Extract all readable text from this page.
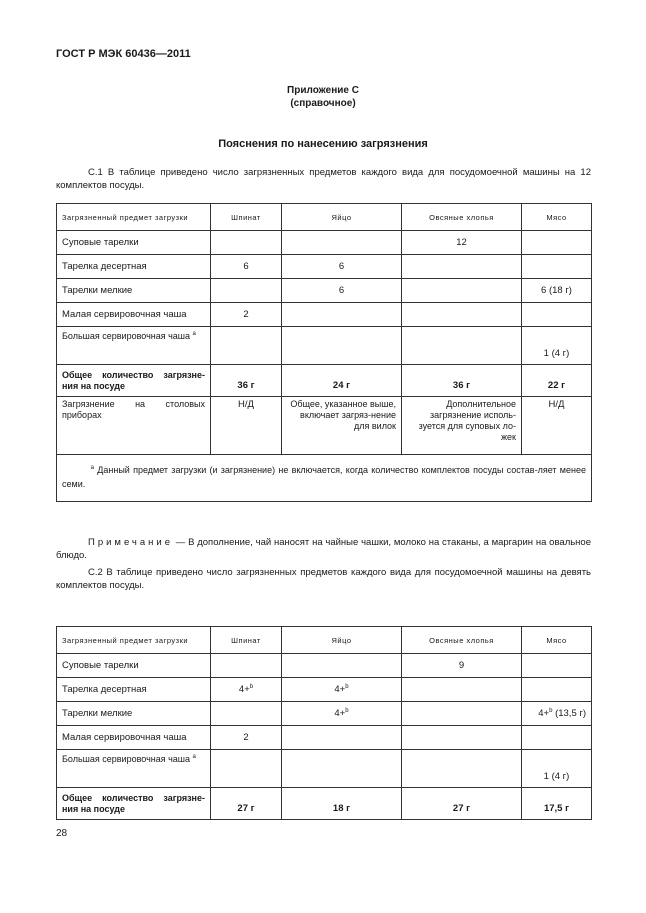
ГОСТ Р МЭК 60436—2011
Приложение С
(справочное)
Пояснения по нанесению загрязнения
С.1 В таблице приведено число загрязненных предметов каждого вида для посудомоечной машины на 12 комплектов посуды.
Загрязненный предмет загрузки	Шпинат	Яйцо	Овсяные хлопья	Мясо
Суповые тарелки			12	
Тарелка десертная	6	6		
Тарелки мелкие		6		6 (18 г)
Малая сервировочная чаша	2			
Большая сервировочная чаша $^a$				1 (4 г)
Общее количество загрязне-ния на посуде	36 г	24 г	36 г	22 г
Загрязнение на столовых приборах	Н/Д	Общее, указанное выше, включает загряз-нение для вилок	Дополнительное загрязнение исполь-зуется для суповых ло-жек	Н/Д
$^a$ Данный предмет загрузки (и загрязнение) не включается, когда количество комплектов посуды состав-ляет менее семи.				
Примечание — В дополнение, чай наносят на чайные чашки, молоко на стаканы, а маргарин на овальное блюдо.
С.2 В таблице приведено число загрязненных предметов каждого вида для посудомоечной машины на девять комплектов посуды.
Загрязненный предмет загрузки	Шпинат	Яйцо	Овсяные хлопья	Мясо
Суповые тарелки			9	
Тарелка десертная	4+$^b$	4+$^b$		
Тарелки мелкие		4+$^b$		4+$^b$ (13,5 г)
Малая сервировочная чаша	2			
Большая сервировочная чаша $^a$				1 (4 г)
Общее количество загрязне-ния на посуде	27 г	18 г	27 г	17,5 г
28
